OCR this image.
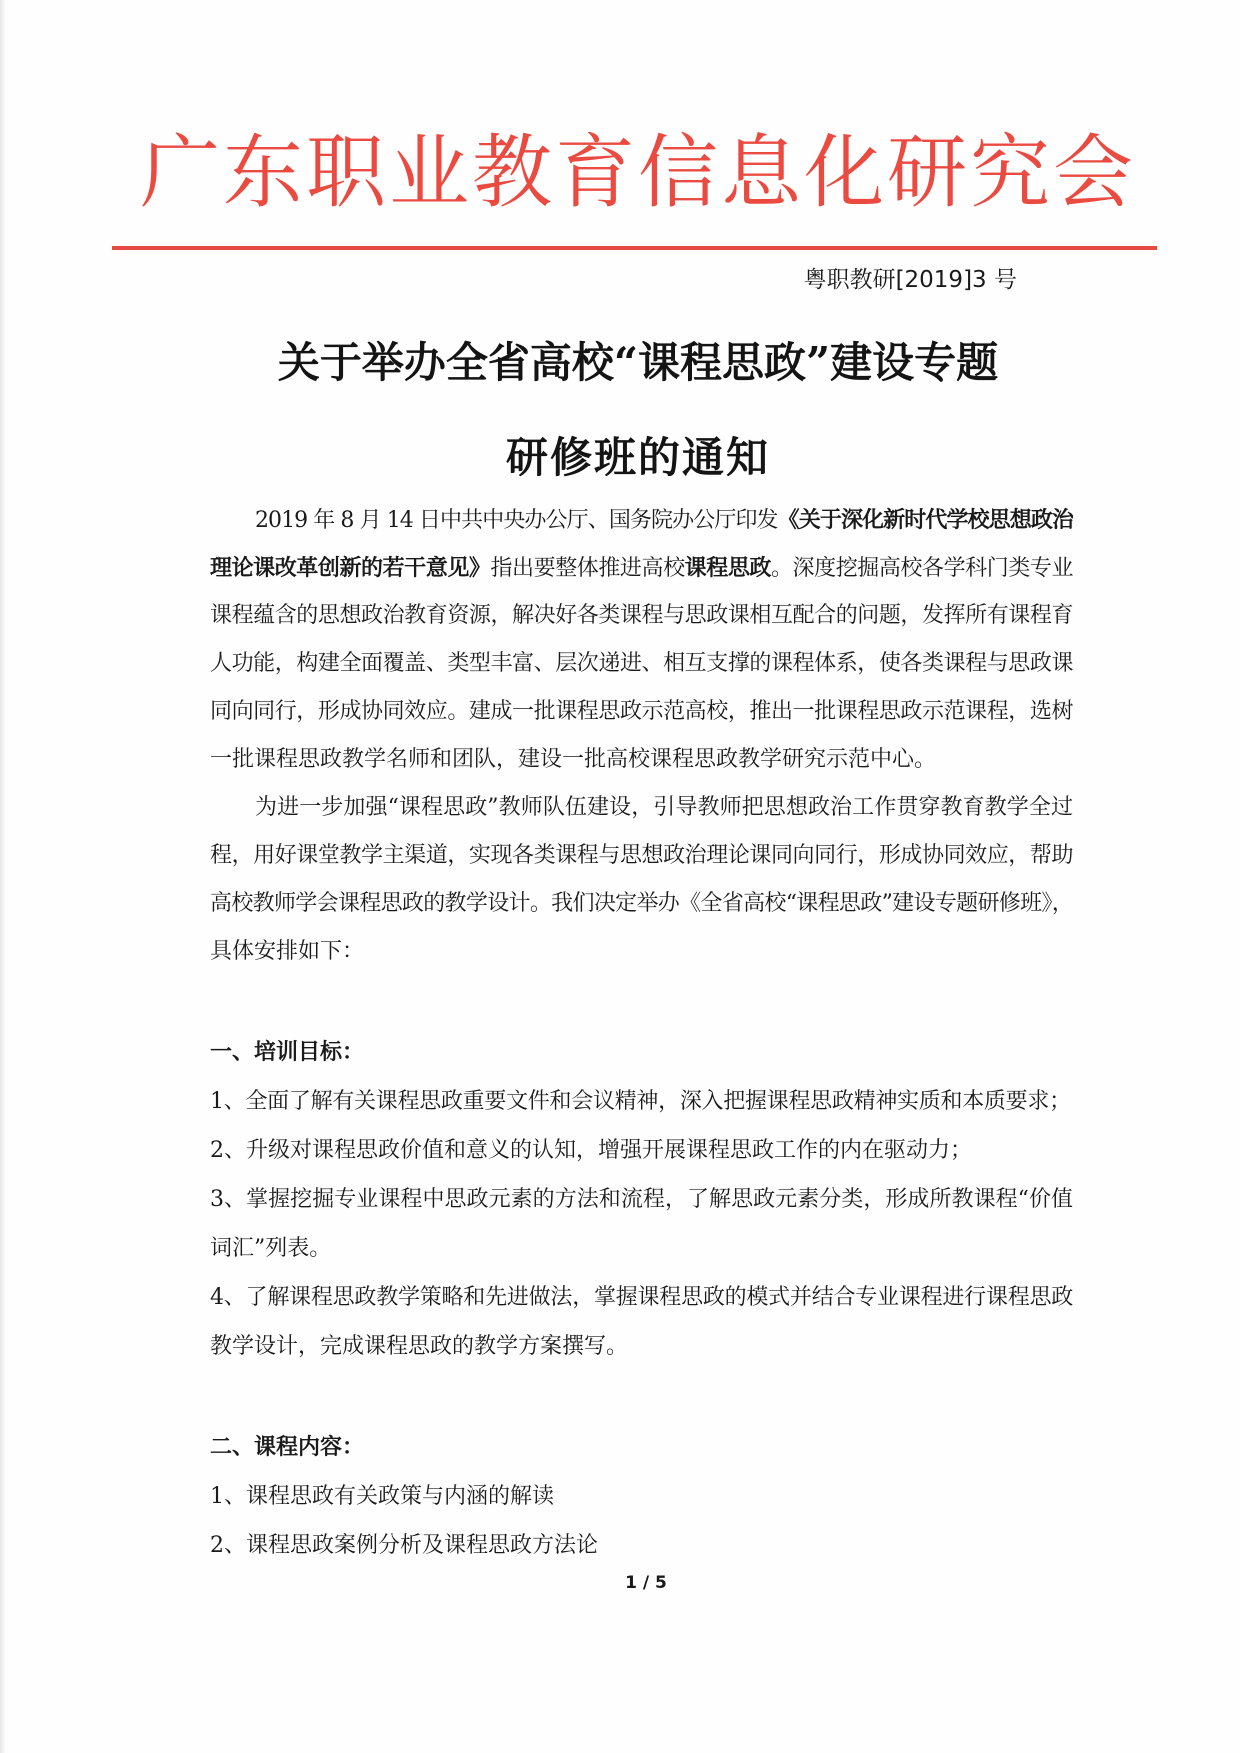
广东职业教育信息化研究会
粤职教研[2019]3 号
关于举办全省高校“课程思政”建设专题
研修班的通知
2019 年 8 月 14 日中共中央办公厅、国务院办公厅印发《关于深化新时代学校思想政治
理论课改革创新的若干意见》指出要整体推进高校课程思政。深度挖掘高校各学科门类专业
课程蕴含的思想政治教育资源，解决好各类课程与思政课相互配合的问题，发挥所有课程育
人功能，构建全面覆盖、类型丰富、层次递进、相互支撑的课程体系，使各类课程与思政课
同向同行，形成协同效应。建成一批课程思政示范高校，推出一批课程思政示范课程，选树
一批课程思政教学名师和团队，建设一批高校课程思政教学研究示范中心。
为进一步加强“课程思政”教师队伍建设，引导教师把思想政治工作贯穿教育教学全过
程，用好课堂教学主渠道，实现各类课程与思想政治理论课同向同行，形成协同效应，帮助
高校教师学会课程思政的教学设计。我们决定举办《全省高校“课程思政”建设专题研修班》，
具体安排如下：
一、培训目标：
1、全面了解有关课程思政重要文件和会议精神，深入把握课程思政精神实质和本质要求；
2、升级对课程思政价值和意义的认知，增强开展课程思政工作的内在驱动力；
3、掌握挖掘专业课程中思政元素的方法和流程，了解思政元素分类，形成所教课程“价值
词汇”列表。
4、了解课程思政教学策略和先进做法，掌握课程思政的模式并结合专业课程进行课程思政
教学设计，完成课程思政的教学方案撰写。
二、课程内容：
1、课程思政有关政策与内涵的解读
2、课程思政案例分析及课程思政方法论
1 / 5
